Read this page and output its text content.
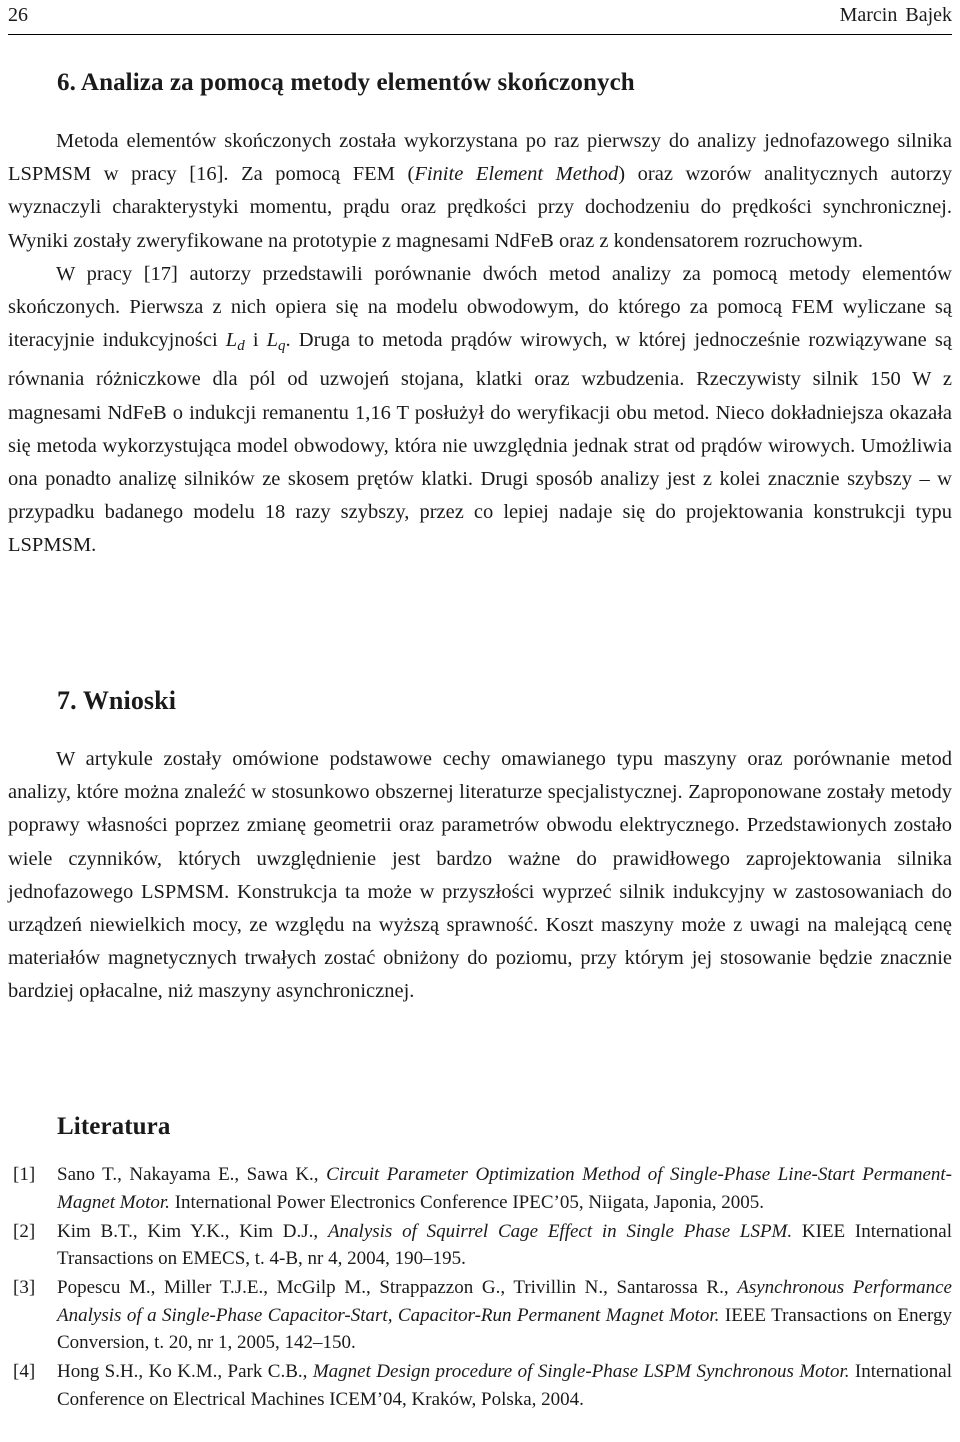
26	Marcin Bajek
6. Analiza za pomocą metody elementów skończonych

Metoda elementów skończonych została wykorzystana po raz pierwszy do analizy jednofazowego silnika LSPMSM w pracy [16]. Za pomocą FEM (Finite Element Method) oraz wzorów analitycznych autorzy wyznaczyli charakterystyki momentu, prądu oraz prędkości przy dochodzeniu do prędkości synchronicznej. Wyniki zostały zweryfikowane na prototypie z magnesami NdFeB oraz z kondensatorem rozruchowym.

W pracy [17] autorzy przedstawili porównanie dwóch metod analizy za pomocą metody elementów skończonych. Pierwsza z nich opiera się na modelu obwodowym, do którego za pomocą FEM wyliczane są iteracyjnie indukcyjności $L_d$ i $L_q$. Druga to metoda prądów wirowych, w której jednocześnie rozwiązywane są równania różniczkowe dla pól od uzwojeń stojana, klatki oraz wzbudzenia. Rzeczywisty silnik 150 W z magnesami NdFeB o indukcji remanentu 1,16 T posłużył do weryfikacji obu metod. Nieco dokładniejsza okazała się metoda wykorzystująca model obwodowy, która nie uwzględnia jednak strat od prądów wirowych. Umożliwia ona ponadto analizę silników ze skosem prętów klatki. Drugi sposób analizy jest z kolei znacznie szybszy – w przypadku badanego modelu 18 razy szybszy, przez co lepiej nadaje się do projektowania konstrukcji typu LSPMSM.

7. Wnioski

W artykule zostały omówione podstawowe cechy omawianego typu maszyny oraz porównanie metod analizy, które można znaleźć w stosunkowo obszernej literaturze specjalistycznej. Zaproponowane zostały metody poprawy własności poprzez zmianę geometrii oraz parametrów obwodu elektrycznego. Przedstawionych zostało wiele czynników, których uwzględnienie jest bardzo ważne do prawidłowego zaprojektowania silnika jednofazowego LSPMSM. Konstrukcja ta może w przyszłości wyprzeć silnik indukcyjny w zastosowaniach do urządzeń niewielkich mocy, ze względu na wyższą sprawność. Koszt maszyny może z uwagi na malejącą cenę materiałów magnetycznych trwałych zostać obniżony do poziomu, przy którym jej stosowanie będzie znacznie bardziej opłacalne, niż maszyny asynchronicznej.

Literatura
[1] Sano T., Nakayama E., Sawa K., Circuit Parameter Optimization Method of Single-Phase Line-Start Permanent-Magnet Motor. International Power Electronics Conference IPEC’05, Niigata, Japonia, 2005.
[2] Kim B.T., Kim Y.K., Kim D.J., Analysis of Squirrel Cage Effect in Single Phase LSPM. KIEE International Transactions on EMECS, t. 4-B, nr 4, 2004, 190–195.
[3] Popescu M., Miller T.J.E., McGilp M., Strappazzon G., Trivillin N., Santarossa R., Asynchronous Performance Analysis of a Single-Phase Capacitor-Start, Capacitor-Run Permanent Magnet Motor. IEEE Transactions on Energy Conversion, t. 20, nr 1, 2005, 142–150.
[4] Hong S.H., Ko K.M., Park C.B., Magnet Design procedure of Single-Phase LSPM Synchronous Motor. International Conference on Electrical Machines ICEM’04, Kraków, Polska, 2004.
